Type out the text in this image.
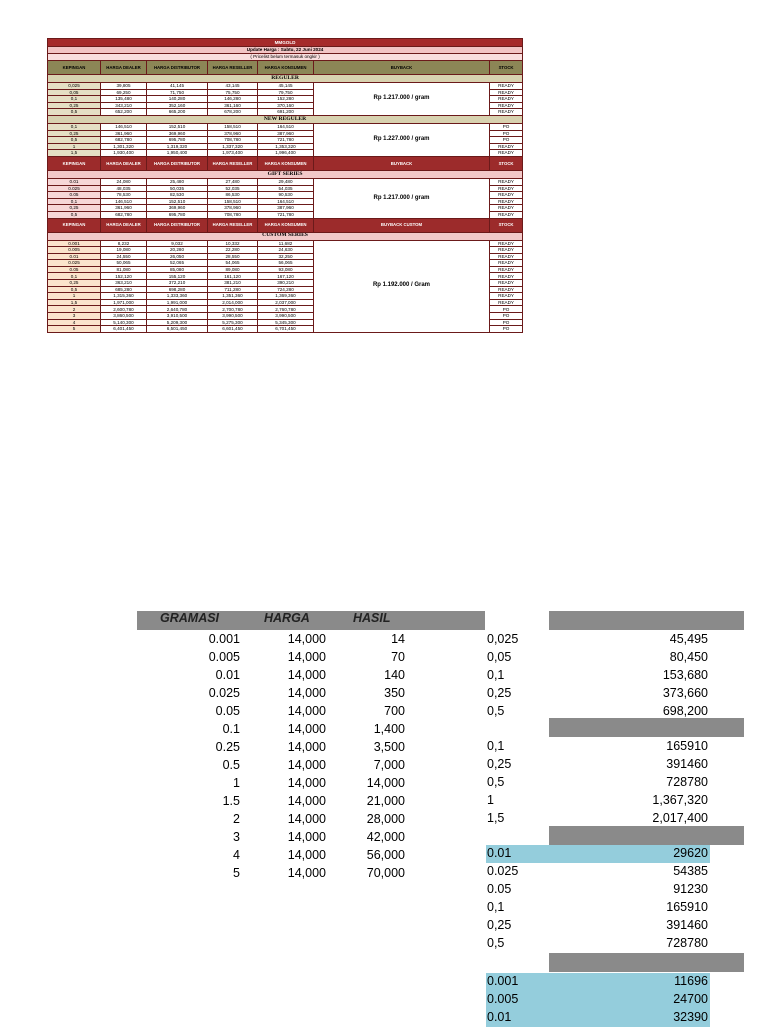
MMGOLD						
Update Harga : Sabtu, 22 Juni 2024						
( Pricelist belum termasuk ongkir )						
KEPINGAN	HARGA DEALER	HARGA DISTRIBUTOR	HARGA RESELLER	HARGA KONSUMEN	BUYBACK	STOCK
REGULER						
0,025	39,805	41,145	43,145	45,145	Rp 1.217.000 / gram	READY
0,05	69,250	71,750	75,750	79,750		READY
0,1	135,480	140,280	146,280	152,280		READY
0,25	343,210	352,160	361,160	370,160		READY
0,5	652,200	665,200	678,200	691,200		READY
NEW REGULER						
0,1	146,510	152,510	158,510	164,510	Rp 1.227.000 / gram	PO
0,25	361,960	369,960	378,960	387,960		PO
0,5	682,780	695,780	708,780	721,780		PO
1	1,301,320	1,319,320	1,337,320	1,353,320		READY
1,5	1,930,400	1,950,400	1,973,400	1,996,400		READY
KEPINGAN	HARGA DEALER	HARGA DISTRIBUTOR	HARGA RESELLER	HARGA KONSUMEN	BUYBACK	STOCK
GIFT SERIES						
0.01	24,080	25,480	27,480	29,480	Rp 1.217.000 / gram	READY
0.025	48,035	50,035	52,035	54,035		READY
0.05	78,530	82,530	86,530	90,530		READY
0,1	146,510	152,510	158,510	164,510		READY
0,25	361,960	369,960	378,960	387,960		READY
0,5	682,780	695,780	708,780	721,780		READY
KEPINGAN	HARGA DEALER	HARGA DISTRIBUTOR	HARGA RESELLER	HARGA KONSUMEN	BUYBACK CUSTOM	STOCK
CUSTOM SERIES						
0.001	8,232	9,032	10,332	11,682	Rp 1.192.000 / Gram	READY
0.005	19,080	20,280	22,280	24,630		READY
0.01	24,550	26,050	28,550	32,250		READY
0.025	50,065	52,065	54,065	56,065		READY
0.05	81,080	85,080	89,080	93,080		READY
0,1	152,120	155,120	161,120	167,120		READY
0,25	363,210	372,210	381,210	390,210		READY
0,5	685,280	698,280	711,280	724,280		READY
1	1,315,360	1,333,360	1,351,360	1,369,360		READY
1,5	1,971,000	1,991,000	2,014,000	2,037,000		READY
2	2,600,780	2,640,780	2,700,780	2,760,780		PO
3	3,860,500	3,910,500	3,990,500	3,990,500		PO
4	5,140,300	5,209,300	5,275,300	5,345,300		PO
5	6,401,450	6,501,450	6,601,450	6,701,450		PO
GRAMASI	HARGA	HASIL
0.001	14,000	14
0.005	14,000	70
0.01	14,000	140
0.025	14,000	350
0.05	14,000	700
0.1	14,000	1,400
0.25	14,000	3,500
0.5	14,000	7,000
1	14,000	14,000
1.5	14,000	21,000
2	14,000	28,000
3	14,000	42,000
4	14,000	56,000
5	14,000	70,000
0,025	45,495
0,05	80,450
0,1	153,680
0,25	373,660
0,5	698,200
0,1	165910
0,25	391460
0,5	728780
1	1,367,320
1,5	2,017,400
0.01	29620
0.025	54385
0.05	91230
0,1	165910
0,25	391460
0,5	728780
0.001	11696
0.005	24700
0.01	32390
